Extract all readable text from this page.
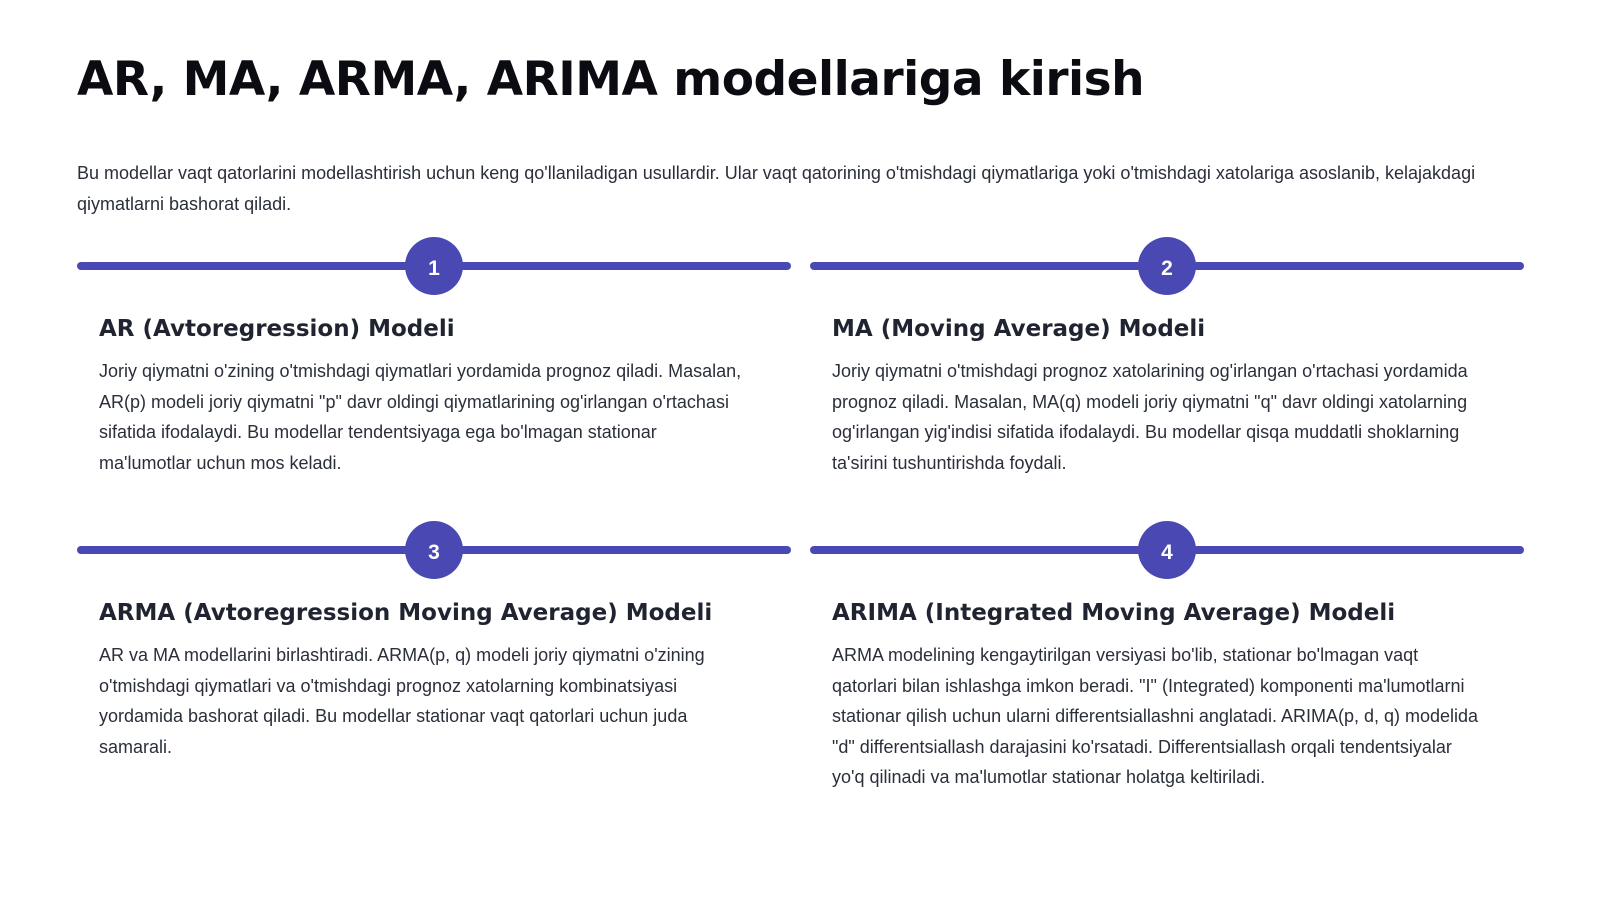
AR, MA, ARMA, ARIMA modellariga kirish

Bu modellar vaqt qatorlarini modellashtirish uchun keng qo'llaniladigan usullardir. Ular vaqt qatorining o'tmishdagi qiymatlariga yoki o'tmishdagi xatolariga asoslanib, kelajakdagi qiymatlarni bashorat qiladi.

1
AR (Avtoregression) Modeli

Joriy qiymatni o'zining o'tmishdagi qiymatlari yordamida prognoz qiladi. Masalan, AR(p) modeli joriy qiymatni "p" davr oldingi qiymatlarining og'irlangan o'rtachasi sifatida ifodalaydi. Bu modellar tendentsiyaga ega bo'lmagan stationar ma'lumotlar uchun mos keladi.

2
MA (Moving Average) Modeli

Joriy qiymatni o'tmishdagi prognoz xatolarining og'irlangan o'rtachasi yordamida prognoz qiladi. Masalan, MA(q) modeli joriy qiymatni "q" davr oldingi xatolarning og'irlangan yig'indisi sifatida ifodalaydi. Bu modellar qisqa muddatli shoklarning ta'sirini tushuntirishda foydali.

3
ARMA (Avtoregression Moving Average) Modeli

AR va MA modellarini birlashtiradi. ARMA(p, q) modeli joriy qiymatni o'zining o'tmishdagi qiymatlari va o'tmishdagi prognoz xatolarning kombinatsiyasi yordamida bashorat qiladi. Bu modellar stationar vaqt qatorlari uchun juda samarali.

4
ARIMA (Integrated Moving Average) Modeli

ARMA modelining kengaytirilgan versiyasi bo'lib, stationar bo'lmagan vaqt qatorlari bilan ishlashga imkon beradi. "I" (Integrated) komponenti ma'lumotlarni stationar qilish uchun ularni differentsiallashni anglatadi. ARIMA(p, d, q) modelida "d" differentsiallash darajasini ko'rsatadi. Differentsiallash orqali tendentsiyalar yo'q qilinadi va ma'lumotlar stationar holatga keltiriladi.
